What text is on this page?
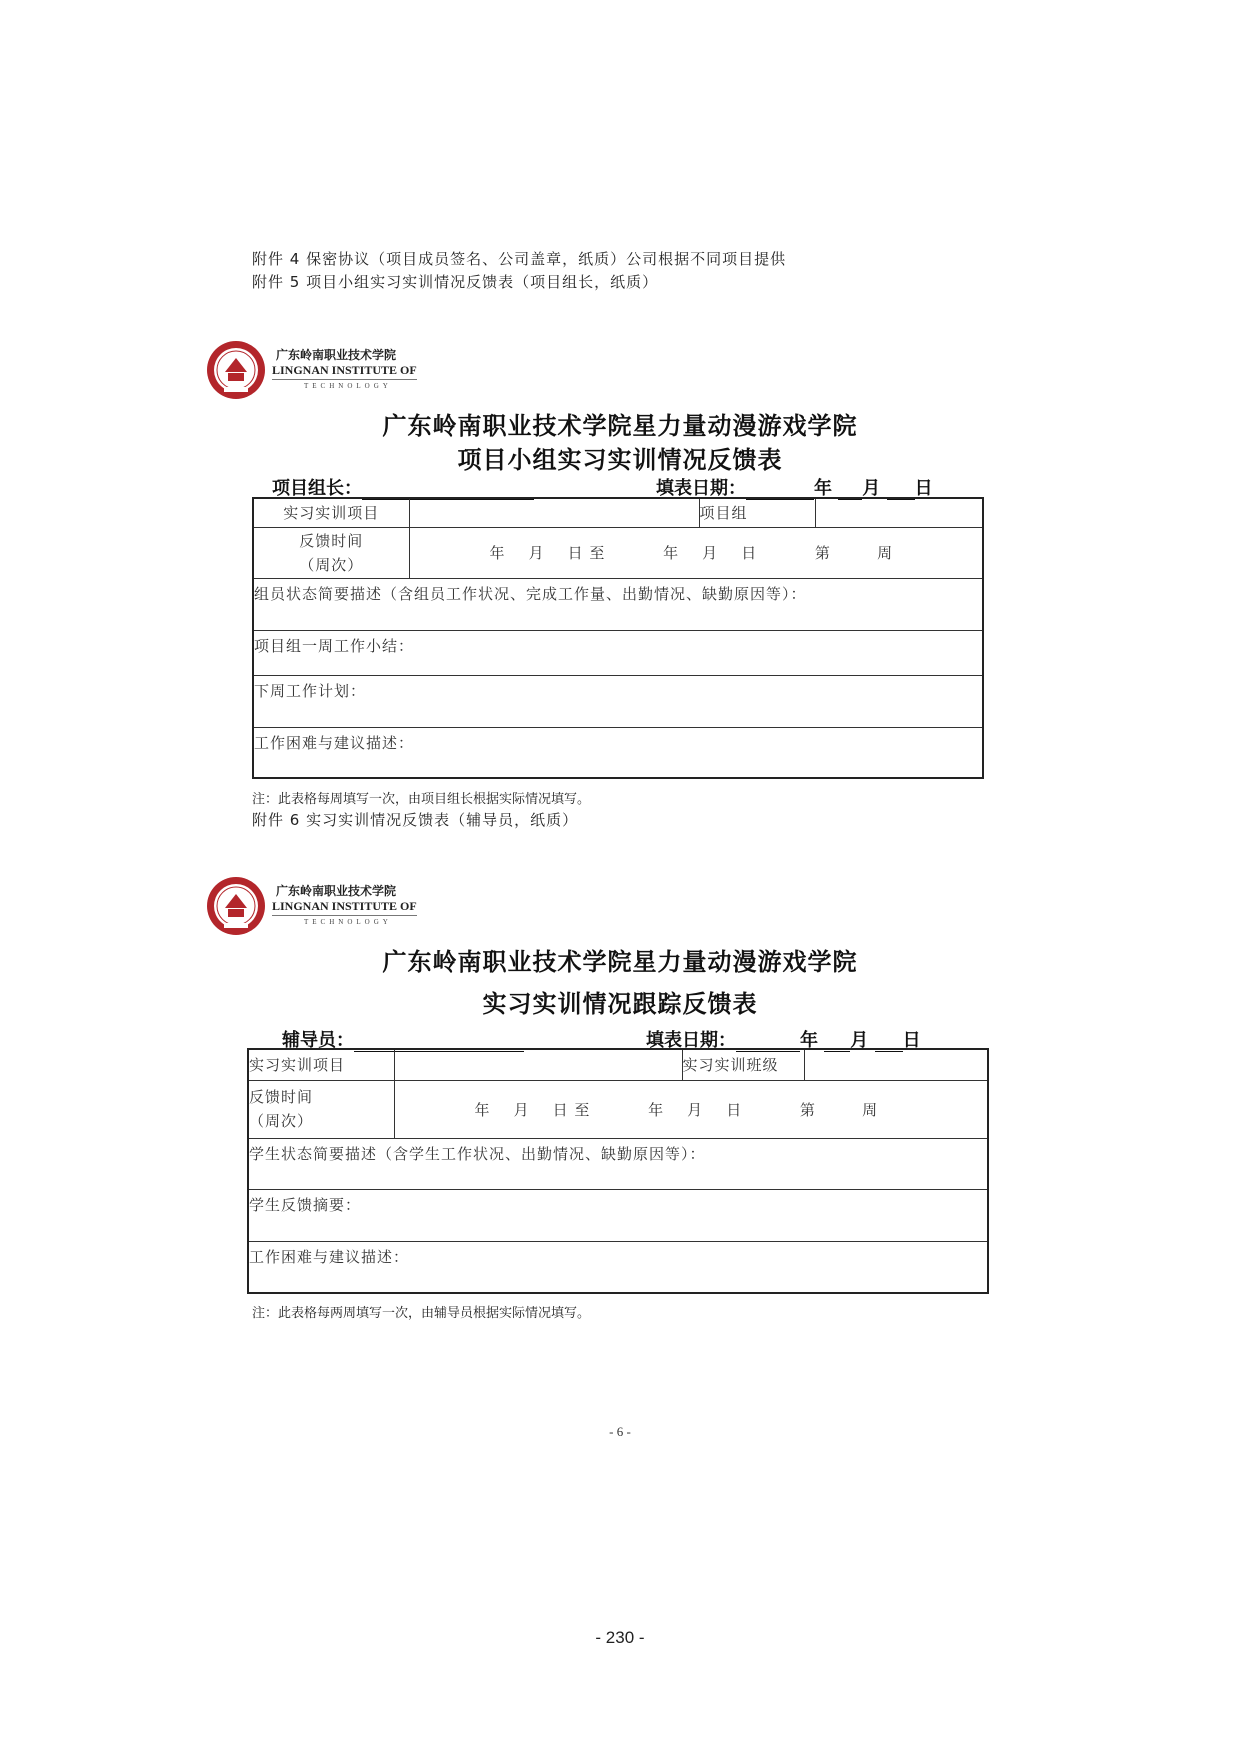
附件 4 保密协议（项目成员签名、公司盖章，纸质）公司根据不同项目提供
附件 5 项目小组实习实训情况反馈表（项目组长，纸质）
广东岭南职业技术学院
LINGNAN INSTITUTE OF
TECHNOLOGY
广东岭南职业技术学院星力量动漫游戏学院
项目小组实习实训情况反馈表
项目组长：	填表日期：	年 月 日
实习实训项目		项目组	

反馈时间
（周次）	年    月    日 至          年    月    日          第        周		
组员状态简要描述（含组员工作状况、完成工作量、出勤情况、缺勤原因等）：			
项目组一周工作小结：			
下周工作计划：			
工作困难与建议描述：			
注：此表格每周填写一次，由项目组长根据实际情况填写。
附件 6 实习实训情况反馈表（辅导员，纸质）
广东岭南职业技术学院
LINGNAN INSTITUTE OF
TECHNOLOGY
广东岭南职业技术学院星力量动漫游戏学院
实习实训情况跟踪反馈表
辅导员：	填表日期：	年 月 日
实习实训项目		实习实训班级	

反馈时间
（周次）	年    月    日 至          年    月    日          第        周		
学生状态简要描述（含学生工作状况、出勤情况、缺勤原因等）：			
学生反馈摘要：			
工作困难与建议描述：			
注：此表格每两周填写一次，由辅导员根据实际情况填写。
- 6 -
- 230 -
